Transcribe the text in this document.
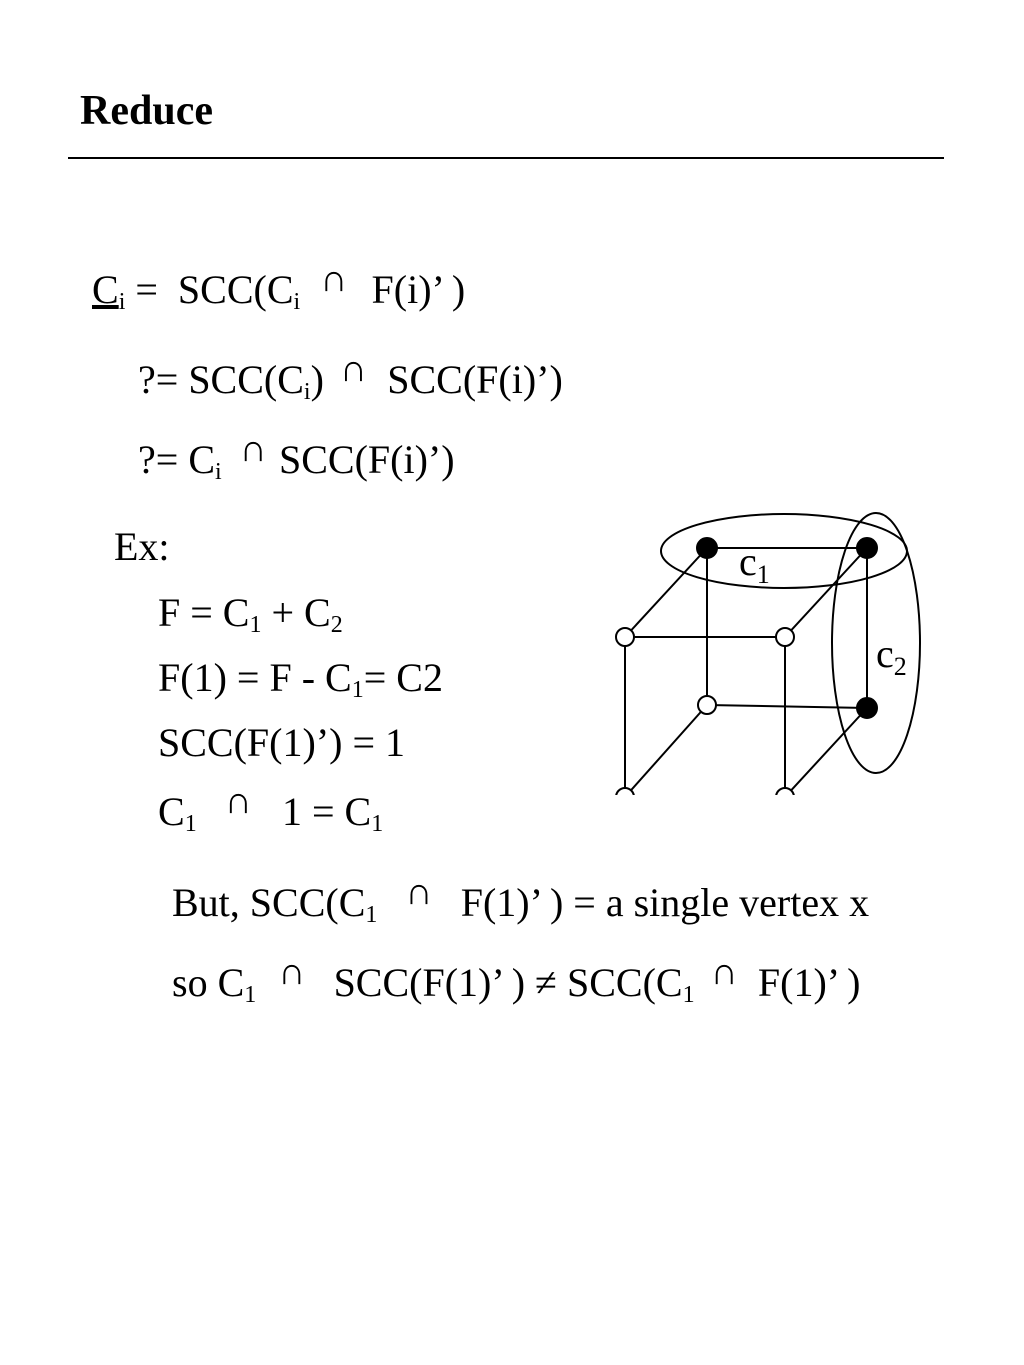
Reduce
$C_i = SCC(C_i$ ∩ F(i)’ )
?= $SCC(C_i)$ ∩ SCC(F(i)’)
?= $C_i$ ∩ SCC(F(i)’)
Ex:
$F = C_1 + C_2$
$F(1) = F - C_1= C2$
SCC(F(1)’) = 1
$C_1$ ∩ $1 = C_1$
But, $SCC(C_1$ ∩ F(1)’ ) = a single vertex x
so $C_1$ ∩ SCC(F(1)’ ) ≠ $SCC(C_1$ ∩ F(1)’ )
$c_1$
$c_2$
